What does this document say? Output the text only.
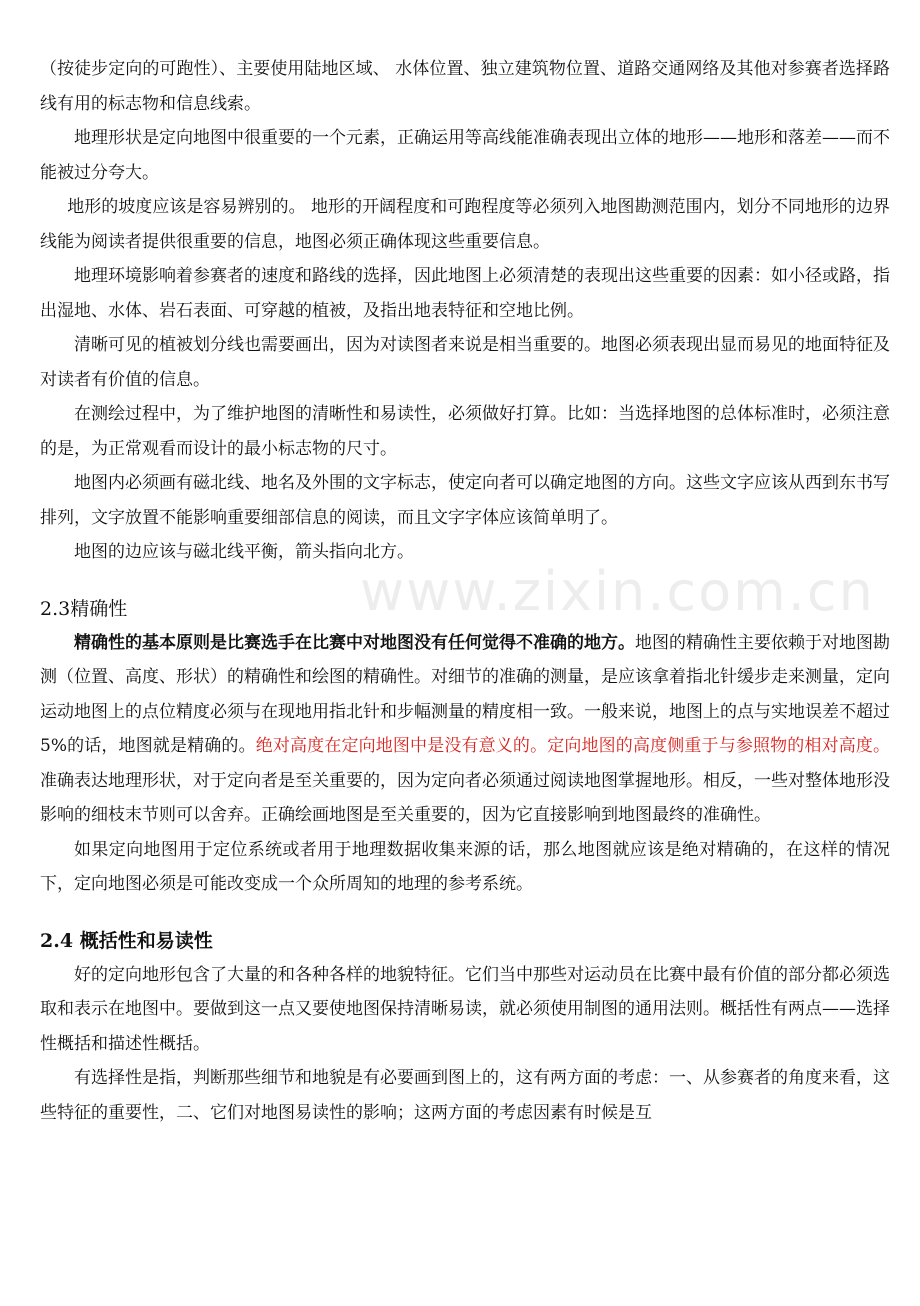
www.zixin.com.cn

（按徒步定向的可跑性）、主要使用陆地区域、 水体位置、独立建筑物位置、道路交通网络及其他对参赛者选择路线有用的标志物和信息线索。

地理形状是定向地图中很重要的一个元素，正确运用等高线能准确表现出立体的地形——地形和落差——而不能被过分夸大。

地形的坡度应该是容易辨别的。 地形的开阔程度和可跑程度等必须列入地图勘测范围内，划分不同地形的边界线能为阅读者提供很重要的信息，地图必须正确体现这些重要信息。

地理环境影响着参赛者的速度和路线的选择，因此地图上必须清楚的表现出这些重要的因素：如小径或路，指出湿地、水体、岩石表面、可穿越的植被，及指出地表特征和空地比例。

清晰可见的植被划分线也需要画出，因为对读图者来说是相当重要的。地图必须表现出显而易见的地面特征及对读者有价值的信息。

在测绘过程中，为了维护地图的清晰性和易读性，必须做好打算。比如：当选择地图的总体标准时，必须注意的是，为正常观看而设计的最小标志物的尺寸。

地图内必须画有磁北线、地名及外围的文字标志，使定向者可以确定地图的方向。这些文字应该从西到东书写排列，文字放置不能影响重要细部信息的阅读，而且文字字体应该简单明了。

地图的边应该与磁北线平衡，箭头指向北方。

2.3精确性

精确性的基本原则是比赛选手在比赛中对地图没有任何觉得不准确的地方。地图的精确性主要依赖于对地图勘测（位置、高度、形状）的精确性和绘图的精确性。对细节的准确的测量，是应该拿着指北针缓步走来测量，定向运动地图上的点位精度必须与在现地用指北针和步幅测量的精度相一致。一般来说，地图上的点与实地误差不超过 5%的话，地图就是精确的。绝对高度在定向地图中是没有意义的。定向地图的高度侧重于与参照物的相对高度。准确表达地理形状，对于定向者是至关重要的，因为定向者必须通过阅读地图掌握地形。相反，一些对整体地形没影响的细枝末节则可以舍弃。正确绘画地图是至关重要的，因为它直接影响到地图最终的准确性。

如果定向地图用于定位系统或者用于地理数据收集来源的话，那么地图就应该是绝对精确的，在这样的情况下，定向地图必须是可能改变成一个众所周知的地理的参考系统。

2.4 概括性和易读性

好的定向地形包含了大量的和各种各样的地貌特征。它们当中那些对运动员在比赛中最有价值的部分都必须选取和表示在地图中。要做到这一点又要使地图保持清晰易读，就必须使用制图的通用法则。概括性有两点——选择性概括和描述性概括。

有选择性是指，判断那些细节和地貌是有必要画到图上的，这有两方面的考虑：一、从参赛者的角度来看，这些特征的重要性，二、它们对地图易读性的影响；这两方面的考虑因素有时候是互
